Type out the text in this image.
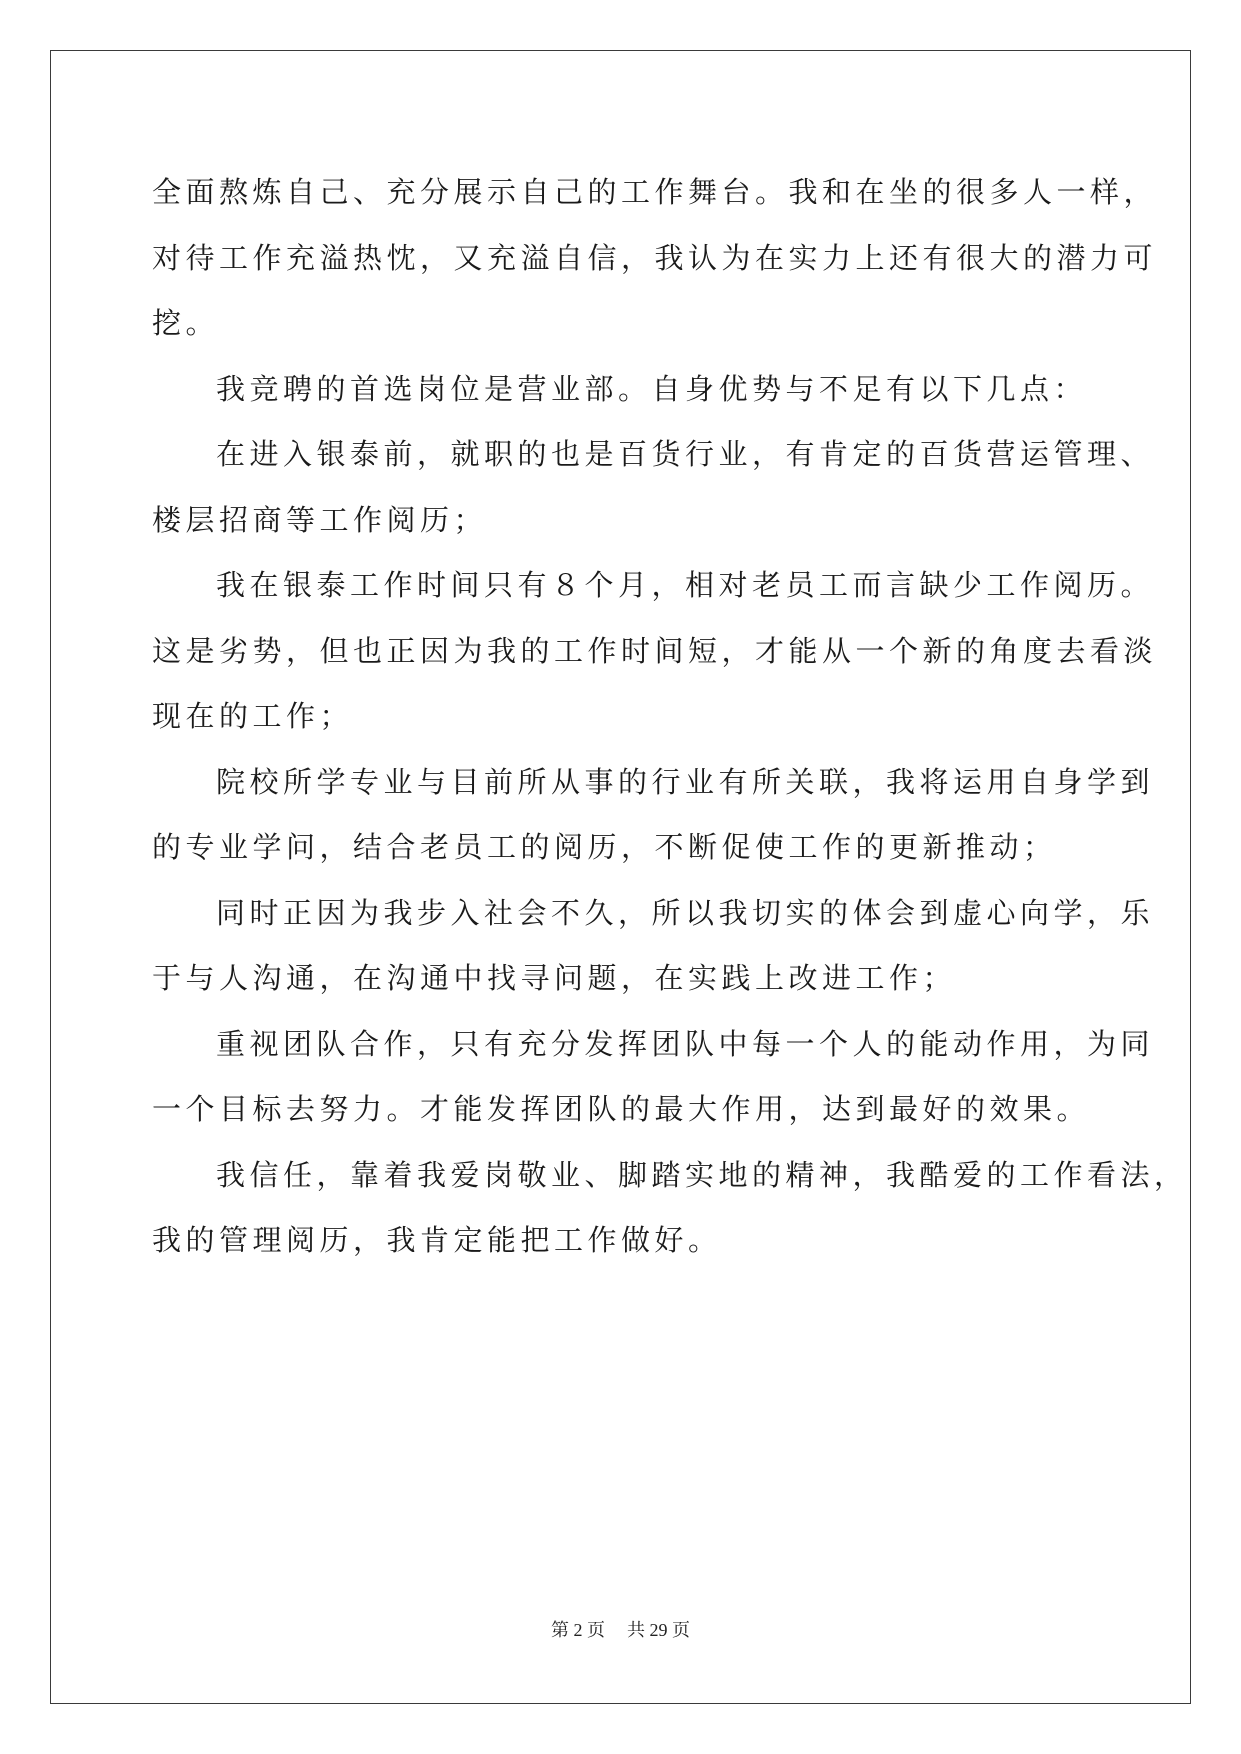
全面熬炼自己、充分展示自己的工作舞台。我和在坐的很多人一样，
对待工作充溢热忱，又充溢自信，我认为在实力上还有很大的潜力可
挖。
我竞聘的首选岗位是营业部。自身优势与不足有以下几点：
在进入银泰前，就职的也是百货行业，有肯定的百货营运管理、
楼层招商等工作阅历；
我在银泰工作时间只有８个月，相对老员工而言缺少工作阅历。
这是劣势，但也正因为我的工作时间短，才能从一个新的角度去看淡
现在的工作；
院校所学专业与目前所从事的行业有所关联，我将运用自身学到
的专业学问，结合老员工的阅历，不断促使工作的更新推动；
同时正因为我步入社会不久，所以我切实的体会到虚心向学，乐
于与人沟通，在沟通中找寻问题，在实践上改进工作；
重视团队合作，只有充分发挥团队中每一个人的能动作用，为同
一个目标去努力。才能发挥团队的最大作用，达到最好的效果。
我信任，靠着我爱岗敬业、脚踏实地的精神，我酷爱的工作看法，
我的管理阅历，我肯定能把工作做好。
第 2 页 共 29 页
